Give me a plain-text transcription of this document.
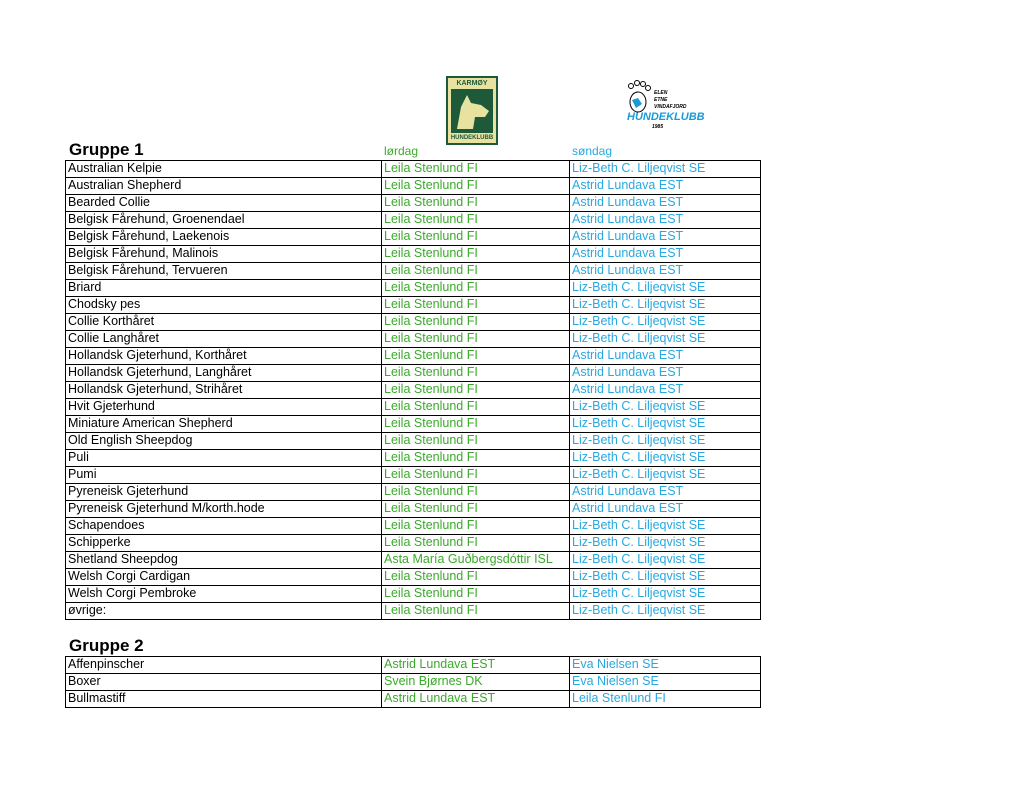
KARMØY
HUNDEKLUBB
ELEN
ETNE
VINDAFJORD
HUNDEKLUBB
1985
Gruppe 1	lørdag	søndag
Australian Kelpie	Leila Stenlund FI	Liz-Beth C. Liljeqvist SE
Australian Shepherd	Leila Stenlund FI	Astrid Lundava EST
Bearded Collie	Leila Stenlund FI	Astrid Lundava EST
Belgisk Fårehund, Groenendael	Leila Stenlund FI	Astrid Lundava EST
Belgisk Fårehund, Laekenois	Leila Stenlund FI	Astrid Lundava EST
Belgisk Fårehund, Malinois	Leila Stenlund FI	Astrid Lundava EST
Belgisk Fårehund, Tervueren	Leila Stenlund FI	Astrid Lundava EST
Briard	Leila Stenlund FI	Liz-Beth C. Liljeqvist SE
Chodsky pes	Leila Stenlund FI	Liz-Beth C. Liljeqvist SE
Collie Korthåret	Leila Stenlund FI	Liz-Beth C. Liljeqvist SE
Collie Langhåret	Leila Stenlund FI	Liz-Beth C. Liljeqvist SE
Hollandsk Gjeterhund, Korthåret	Leila Stenlund FI	Astrid Lundava EST
Hollandsk Gjeterhund, Langhåret	Leila Stenlund FI	Astrid Lundava EST
Hollandsk Gjeterhund, Strihåret	Leila Stenlund FI	Astrid Lundava EST
Hvit Gjeterhund	Leila Stenlund FI	Liz-Beth C. Liljeqvist SE
Miniature American Shepherd	Leila Stenlund FI	Liz-Beth C. Liljeqvist SE
Old English Sheepdog	Leila Stenlund FI	Liz-Beth C. Liljeqvist SE
Puli	Leila Stenlund FI	Liz-Beth C. Liljeqvist SE
Pumi	Leila Stenlund FI	Liz-Beth C. Liljeqvist SE
Pyreneisk Gjeterhund	Leila Stenlund FI	Astrid Lundava EST
Pyreneisk Gjeterhund M/korth.hode	Leila Stenlund FI	Astrid Lundava EST
Schapendoes	Leila Stenlund FI	Liz-Beth C. Liljeqvist SE
Schipperke	Leila Stenlund FI	Liz-Beth C. Liljeqvist SE
Shetland Sheepdog	Asta María Guðbergsdóttir ISL	Liz-Beth C. Liljeqvist SE
Welsh Corgi Cardigan	Leila Stenlund FI	Liz-Beth C. Liljeqvist SE
Welsh Corgi Pembroke	Leila Stenlund FI	Liz-Beth C. Liljeqvist SE
øvrige:	Leila Stenlund FI	Liz-Beth C. Liljeqvist SE
Gruppe 2
Affenpinscher	Astrid Lundava EST	Eva Nielsen SE
Boxer	Svein Bjørnes DK	Eva Nielsen SE
Bullmastiff	Astrid Lundava EST	Leila Stenlund FI
